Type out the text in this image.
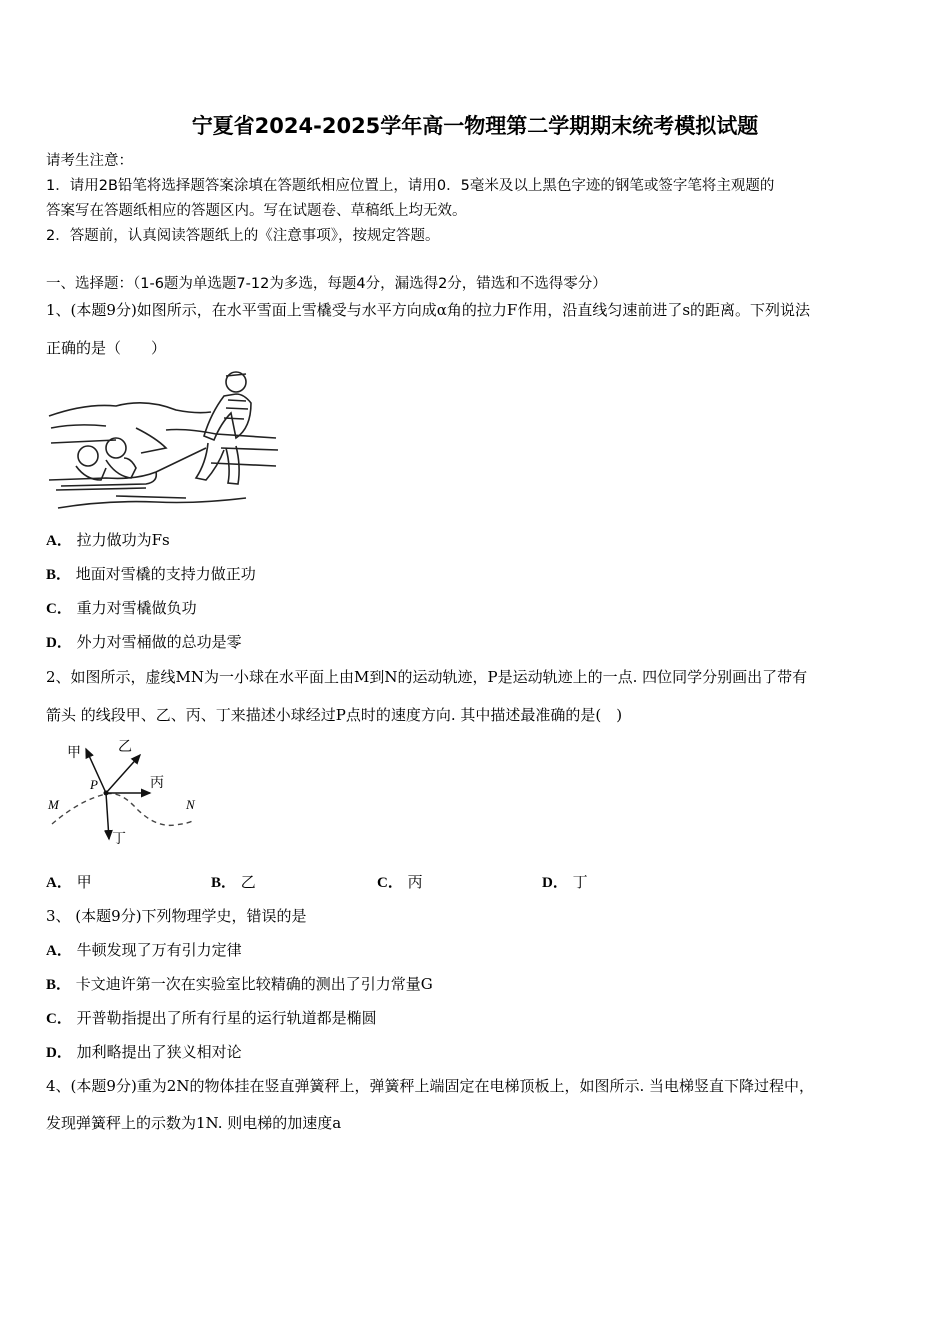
宁夏省2024-2025学年高一物理第二学期期末统考模拟试题
请考生注意：
1．请用2B铅笔将选择题答案涂填在答题纸相应位置上，请用0．5毫米及以上黑色字迹的钢笔或签字笔将主观题的
答案写在答题纸相应的答题区内。写在试题卷、草稿纸上均无效。
2．答题前，认真阅读答题纸上的《注意事项》，按规定答题。
一、选择题：（1-6题为单选题7-12为多选，每题4分，漏选得2分，错选和不选得零分）
1、(本题9分)如图所示，在水平雪面上雪橇受与水平方向成α角的拉力F作用，沿直线匀速前进了s的距离。下列说法
正确的是（　　）
A． 拉力做功为Fs
B． 地面对雪橇的支持力做正功
C． 重力对雪橇做负功
D． 外力对雪桶做的总功是零
2、如图所示，虚线MN为一小球在水平面上由M到N的运动轨迹，P是运动轨迹上的一点. 四位同学分别画出了带有
箭头 的线段甲、乙、丙、丁来描述小球经过P点时的速度方向. 其中描述最准确的是(　)
甲	乙
丙
丁
P
M	N
A． 甲	B． 乙	C． 丙	D． 丁
3、 (本题9分)下列物理学史，错误的是
A． 牛顿发现了万有引力定律
B． 卡文迪许第一次在实验室比较精确的测出了引力常量G
C． 开普勒指提出了所有行星的运行轨道都是椭圆
D． 加利略提出了狭义相对论
4、(本题9分)重为2N的物体挂在竖直弹簧秤上，弹簧秤上端固定在电梯顶板上，如图所示. 当电梯竖直下降过程中，
发现弹簧秤上的示数为1N. 则电梯的加速度a
